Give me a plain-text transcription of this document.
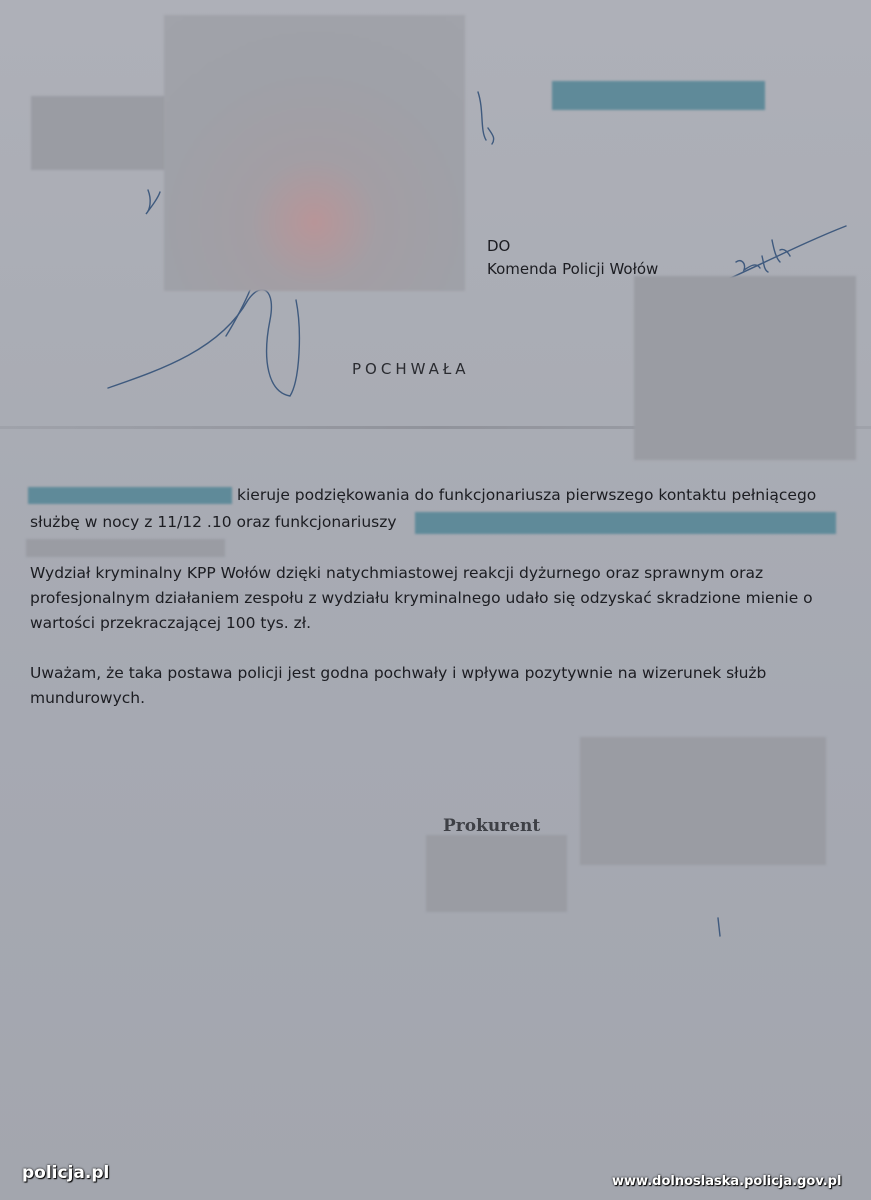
DO
Komenda Policji Wołów
POCHWAŁA
kieruje podziękowania do funkcjonariusza pierwszego kontaktu pełniącego
służbę w nocy z 11/12 .10 oraz funkcjonariuszy
Wydział kryminalny KPP Wołów dzięki natychmiastowej reakcji dyżurnego oraz sprawnym oraz
profesjonalnym działaniem zespołu z wydziału kryminalnego udało się odzyskać skradzione mienie o
wartości przekraczającej 100 tys. zł.
Uważam, że taka postawa policji jest godna pochwały i wpływa pozytywnie na wizerunek służb
mundurowych.
Prokurent
policja.pl	www.dolnoslaska.policja.gov.pl
